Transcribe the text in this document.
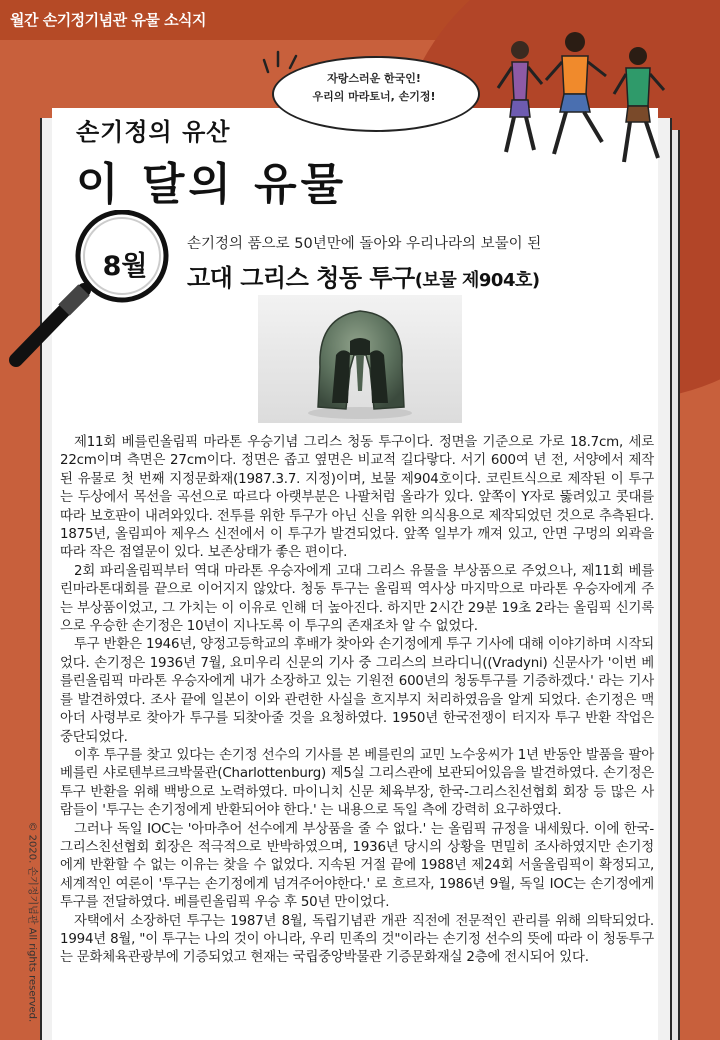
월간 손기정기념관 유물 소식지
자랑스러운 한국인!
우리의 마라토너, 손기정!
손기정의 유산
이 달의 유물
8월
손기정의 품으로 50년만에 돌아와 우리나라의 보물이 된
고대 그리스 청동 투구(보물 제904호)

제11회 베를린올림픽 마라톤 우승기념 그리스 청동 투구이다. 정면을 기준으로 가로 18.7cm, 세로 22cm이며 측면은 27cm이다. 정면은 좁고 옆면은 비교적 길다랗다. 서기 600여 년 전, 서양에서 제작된 유물로 첫 번째 지정문화재(1987.3.7. 지정)이며, 보물 제904호이다. 코린트식으로 제작된 이 투구는 두상에서 목선을 곡선으로 따르다 아랫부분은 나팔처럼 올라가 있다. 앞쪽이 Y자로 뚫려있고 콧대를 따라 보호판이 내려와있다. 전투를 위한 투구가 아닌 신을 위한 의식용으로 제작되었던 것으로 추측된다. 1875년, 올림피아 제우스 신전에서 이 투구가 발견되었다. 앞쪽 일부가 깨져 있고, 안면 구멍의 외곽을 따라 작은 점열문이 있다. 보존상태가 좋은 편이다.

2회 파리올림픽부터 역대 마라톤 우승자에게 고대 그리스 유물을 부상품으로 주었으나, 제11회 베를린마라톤대회를 끝으로 이어지지 않았다. 청동 투구는 올림픽 역사상 마지막으로 마라톤 우승자에게 주는 부상품이었고, 그 가치는 이 이유로 인해 더 높아진다. 하지만 2시간 29분 19초 2라는 올림픽 신기록으로 우승한 손기정은 10년이 지나도록 이 투구의 존재조차 알 수 없었다.

투구 반환은 1946년, 양정고등학교의 후배가 찾아와 손기정에게 투구 기사에 대해 이야기하며 시작되었다. 손기정은 1936년 7월, 요미우리 신문의 기사 중 그리스의 브라디니((Vradyni) 신문사가 '이번 베를린올림픽 마라톤 우승자에게 내가 소장하고 있는 기원전 600년의 청동투구를 기증하겠다.' 라는 기사를 발견하였다. 조사 끝에 일본이 이와 관련한 사실을 흐지부지 처리하였음을 알게 되었다. 손기정은 맥아더 사령부로 찾아가 투구를 되찾아줄 것을 요청하였다. 1950년 한국전쟁이 터지자 투구 반환 작업은 중단되었다.

이후 투구를 찾고 있다는 손기정 선수의 기사를 본 베를린의 교민 노수웅씨가 1년 반동안 발품을 팔아 베를린 샤로텐부르크박물관(Charlottenburg) 제5실 그리스관에 보관되어있음을 발견하였다. 손기정은 투구 반환을 위해 백방으로 노력하였다. 마이니치 신문 체육부장, 한국-그리스친선협회 회장 등 많은 사람들이 '투구는 손기정에게 반환되어야 한다.' 는 내용으로 독일 측에 강력히 요구하였다.

그러나 독일 IOC는 '아마추어 선수에게 부상품을 줄 수 없다.' 는 올림픽 규정을 내세웠다. 이에 한국-그리스친선협회 회장은 적극적으로 반박하였으며, 1936년 당시의 상황을 면밀히 조사하였지만 손기정에게 반환할 수 없는 이유는 찾을 수 없었다. 지속된 거절 끝에 1988년 제24회 서울올림픽이 확정되고, 세계적인 여론이 '투구는 손기정에게 넘겨주어야한다.' 로 흐르자, 1986년 9월, 독일 IOC는 손기정에게 투구를 전달하였다. 베를린올림픽 우승 후 50년 만이었다.

자택에서 소장하던 투구는 1987년 8월, 독립기념관 개관 직전에 전문적인 관리를 위해 의탁되었다. 1994년 8월, "이 투구는 나의 것이 아니라, 우리 민족의 것"이라는 손기정 선수의 뜻에 따라 이 청동투구는 문화체육관광부에 기증되었고 현재는 국립중앙박물관 기증문화재실 2층에 전시되어 있다.

© 2020. 손기정기념관 All rights reserved.
